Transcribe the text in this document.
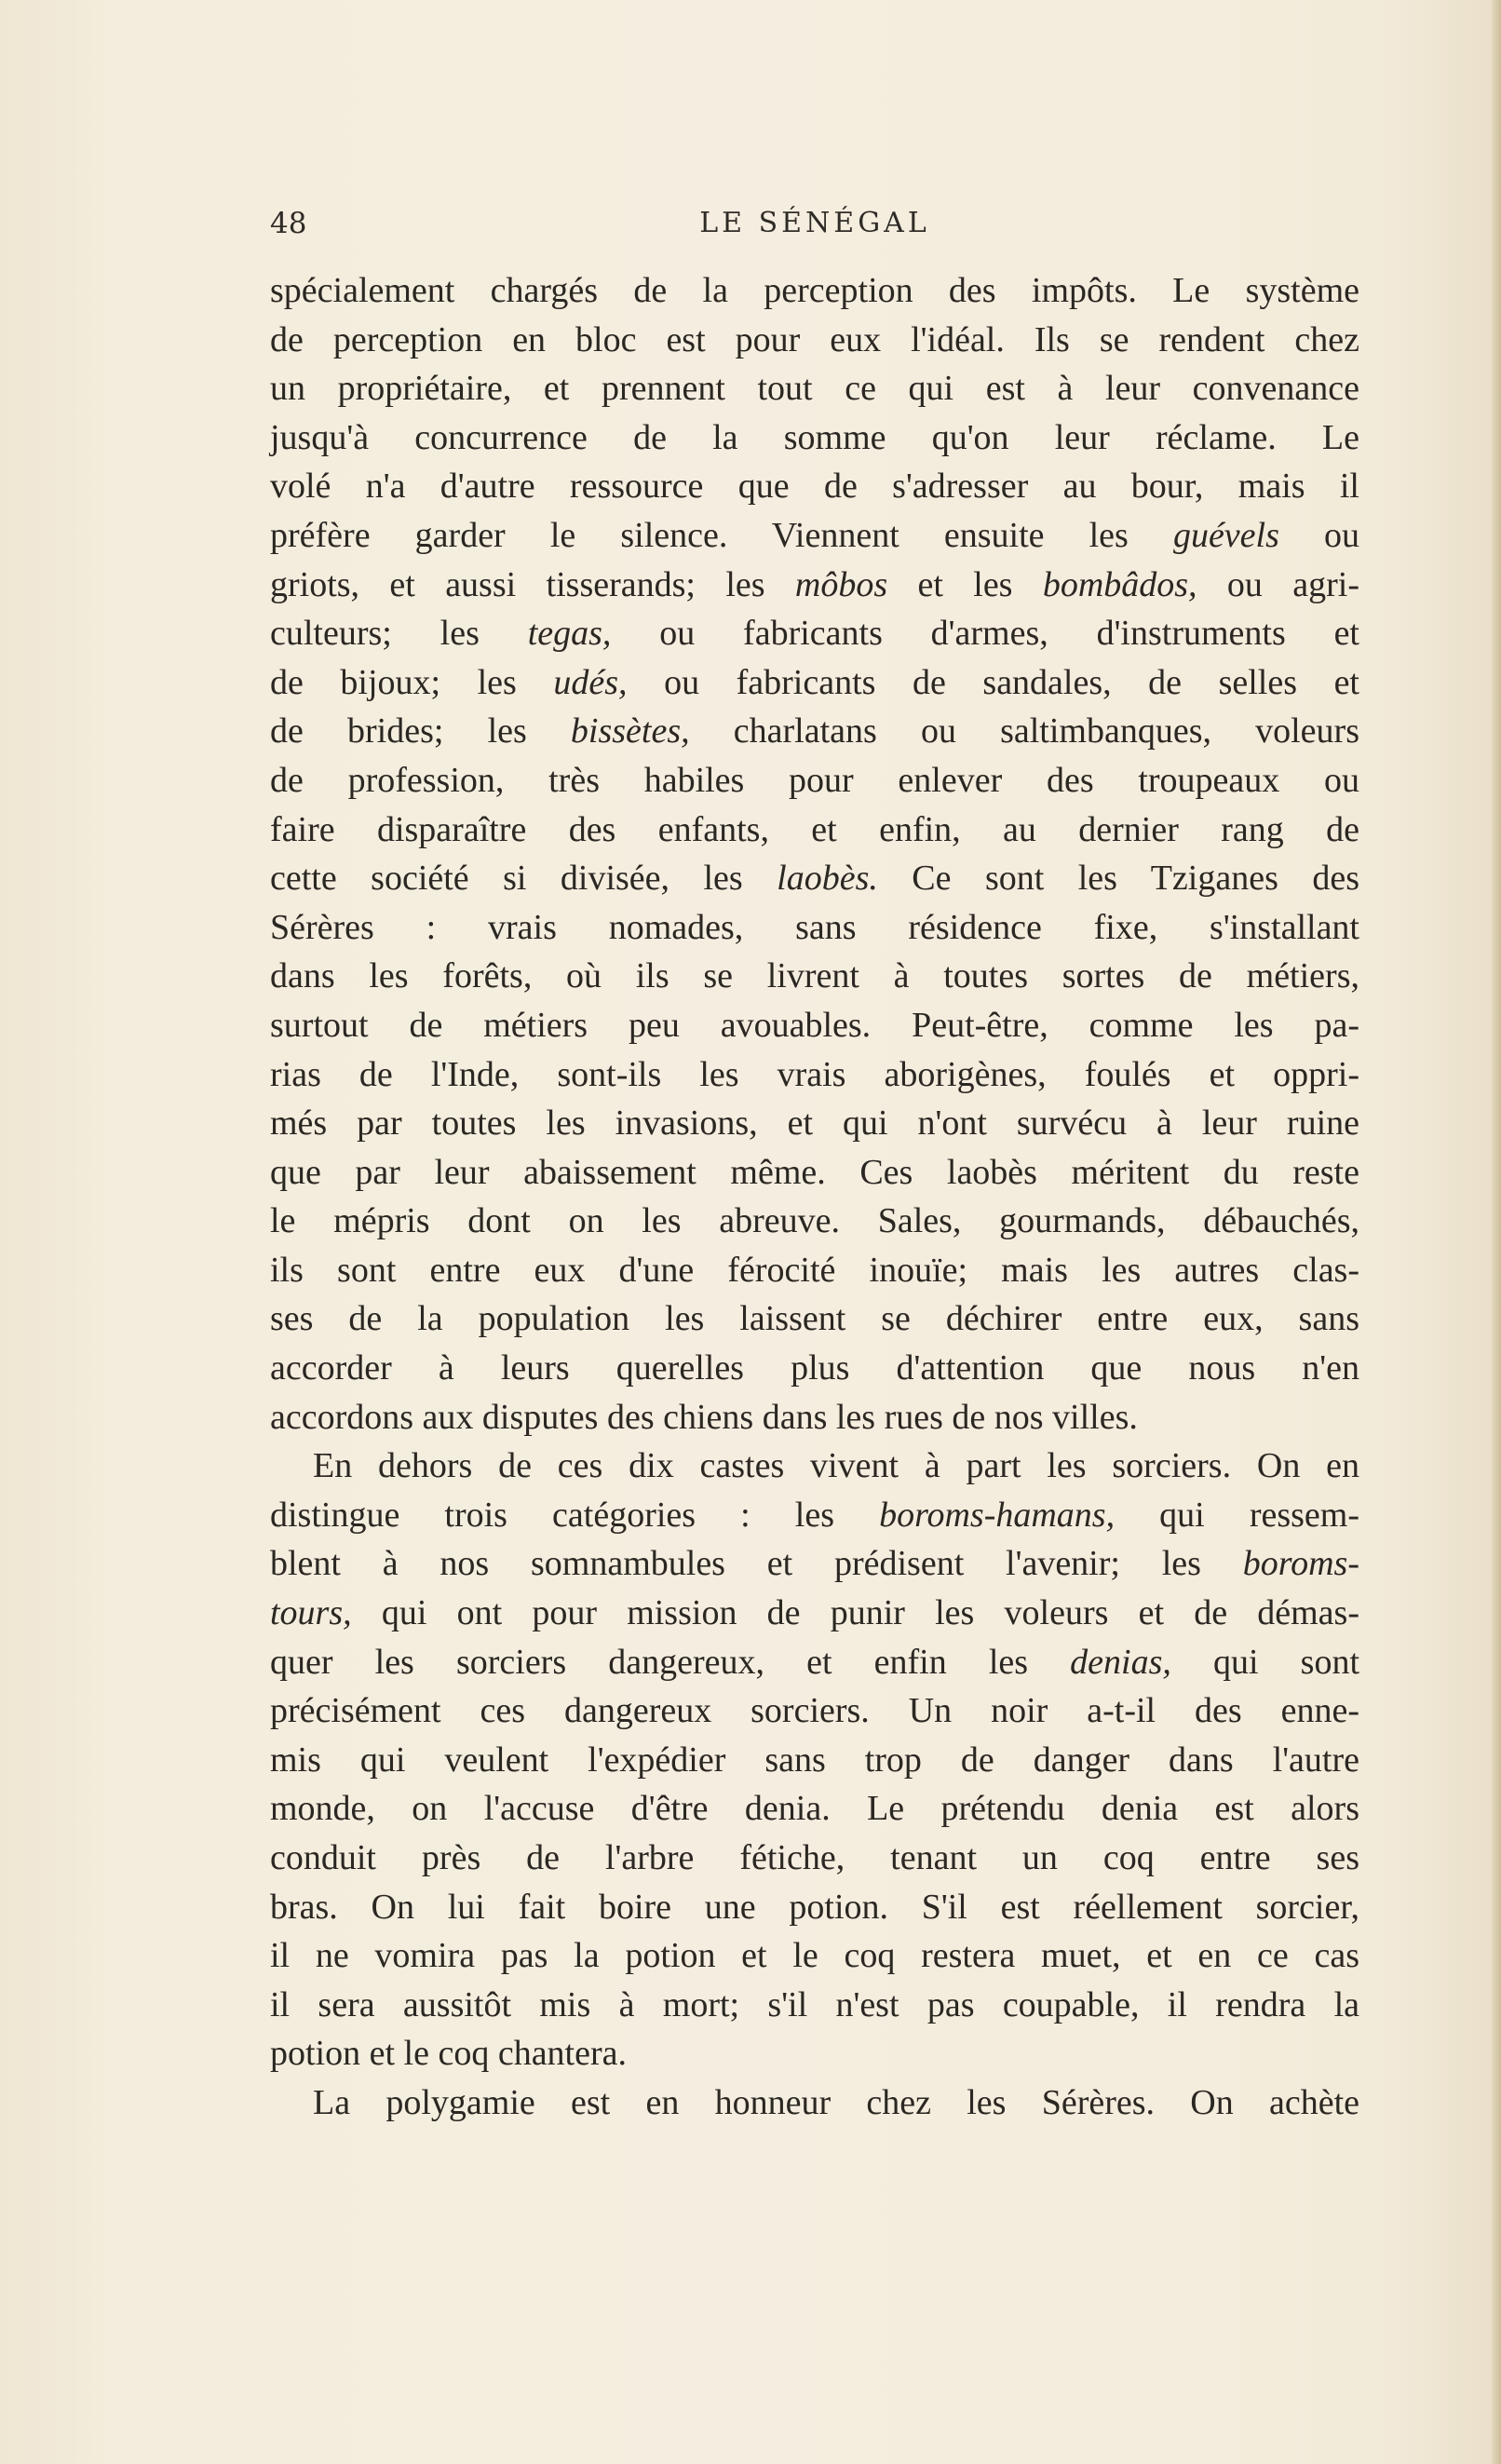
48	LE SÉNÉGAL
spécialement chargés de la perception des impôts. Le système
de perception en bloc est pour eux l'idéal. Ils se rendent chez
un propriétaire, et prennent tout ce qui est à leur convenance
jusqu'à concurrence de la somme qu'on leur réclame. Le
volé n'a d'autre ressource que de s'adresser au bour, mais il
préfère garder le silence. Viennent ensuite les guévels ou
griots, et aussi tisserands; les môbos et les bombâdos, ou agri-
culteurs; les tegas, ou fabricants d'armes, d'instruments et
de bijoux; les udés, ou fabricants de sandales, de selles et
de brides; les bissètes, charlatans ou saltimbanques, voleurs
de profession, très habiles pour enlever des troupeaux ou
faire disparaître des enfants, et enfin, au dernier rang de
cette société si divisée, les laobès. Ce sont les Tziganes des
Sérères : vrais nomades, sans résidence fixe, s'installant
dans les forêts, où ils se livrent à toutes sortes de métiers,
surtout de métiers peu avouables. Peut-être, comme les pa-
rias de l'Inde, sont-ils les vrais aborigènes, foulés et oppri-
més par toutes les invasions, et qui n'ont survécu à leur ruine
que par leur abaissement même. Ces laobès méritent du reste
le mépris dont on les abreuve. Sales, gourmands, débauchés,
ils sont entre eux d'une férocité inouïe; mais les autres clas-
ses de la population les laissent se déchirer entre eux, sans
accorder à leurs querelles plus d'attention que nous n'en
accordons aux disputes des chiens dans les rues de nos villes.
En dehors de ces dix castes vivent à part les sorciers. On en
distingue trois catégories : les boroms-hamans, qui ressem-
blent à nos somnambules et prédisent l'avenir; les boroms-
tours, qui ont pour mission de punir les voleurs et de démas-
quer les sorciers dangereux, et enfin les denias, qui sont
précisément ces dangereux sorciers. Un noir a-t-il des enne-
mis qui veulent l'expédier sans trop de danger dans l'autre
monde, on l'accuse d'être denia. Le prétendu denia est alors
conduit près de l'arbre fétiche, tenant un coq entre ses
bras. On lui fait boire une potion. S'il est réellement sorcier,
il ne vomira pas la potion et le coq restera muet, et en ce cas
il sera aussitôt mis à mort; s'il n'est pas coupable, il rendra la
potion et le coq chantera.
La polygamie est en honneur chez les Sérères. On achète
